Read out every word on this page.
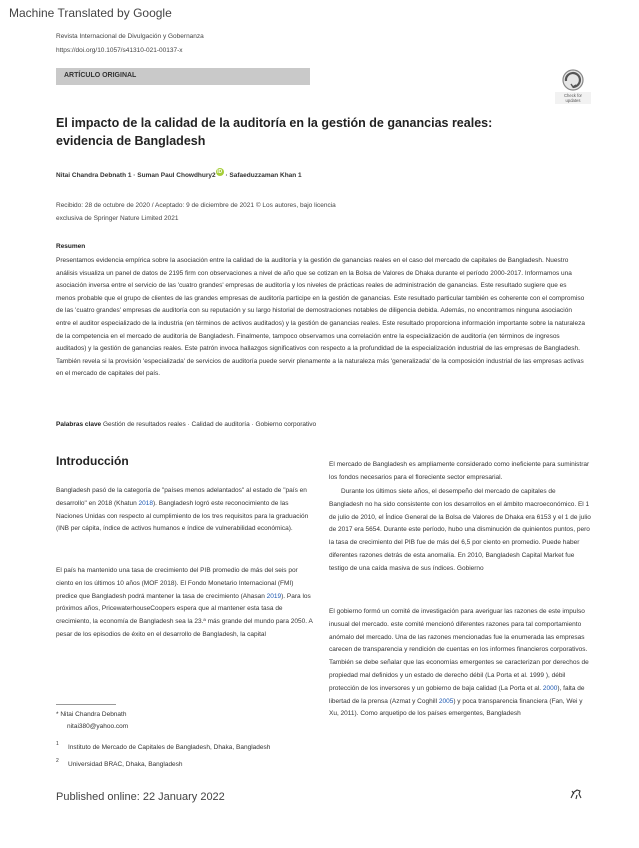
Machine Translated by Google
Revista Internacional de Divulgación y Gobernanza
https://doi.org/10.1057/s41310-021-00137-x
ARTÍCULO ORIGINAL
Check for
updates
El impacto de la calidad de la auditoría en la gestión de ganancias reales: evidencia de Bangladesh
Nitai Chandra Debnath 1 · Suman Paul Chowdhury2 iD · Safaeduzzaman Khan 1
Recibido: 28 de octubre de 2020 / Aceptado: 9 de diciembre de 2021 © Los autores, bajo licencia exclusiva de Springer Nature Limited 2021
Resumen
Presentamos evidencia empírica sobre la asociación entre la calidad de la auditoría y la gestión de ganancias reales en el caso del mercado de capitales de Bangladesh. Nuestro análisis visualiza un panel de datos de 2195 firm con observaciones a nivel de año que se cotizan en la Bolsa de Valores de Dhaka durante el período 2000-2017. Informamos una asociación inversa entre el servicio de las 'cuatro grandes' empresas de auditoría y los niveles de prácticas reales de administración de ganancias. Este resultado sugiere que es menos probable que el grupo de clientes de las grandes empresas de auditoría participe en la gestión de ganancias. Este resultado particular también es coherente con el compromiso de las 'cuatro grandes' empresas de auditoría con su reputación y su largo historial de demostraciones notables de diligencia debida. Además, no encontramos ninguna asociación entre el auditor especializado de la industria (en términos de activos auditados) y la gestión de ganancias reales. Este resultado proporciona información importante sobre la naturaleza de la competencia en el mercado de auditoría de Bangladesh. Finalmente, tampoco observamos una correlación entre la especialización de auditoría (en términos de ingresos auditados) y la gestión de ganancias reales. Este patrón invoca hallazgos significativos con respecto a la profundidad de la especialización industrial de las empresas de Bangladesh. También revela si la provisión 'especializada' de servicios de auditoría puede servir plenamente a la naturaleza más 'generalizada' de la composición industrial de las empresas activas en el mercado de capitales del país.
Palabras clave Gestión de resultados reales · Calidad de auditoría · Gobierno corporativo
Introducción
Bangladesh pasó de la categoría de "países menos adelantados" al estado de "país en desarrollo" en 2018 (Khatun 2018). Bangladesh logró este reconocimiento de las Naciones Unidas con respecto al cumplimiento de los tres requisitos para la graduación (INB per cápita, índice de activos humanos e índice de vulnerabilidad económica).
El país ha mantenido una tasa de crecimiento del PIB promedio de más del seis por ciento en los últimos 10 años (MOF 2018). El Fondo Monetario Internacional (FMI) predice que Bangladesh podrá mantener la tasa de crecimiento (Ahasan 2019). Para los próximos años, PricewaterhouseCoopers espera que al mantener esta tasa de crecimiento, la economía de Bangladesh sea la 23.ª más grande del mundo para 2050. A pesar de los episodios de éxito en el desarrollo de Bangladesh, la capital
El mercado de Bangladesh es ampliamente considerado como ineficiente para suministrar los fondos necesarios para el floreciente sector empresarial.
Durante los últimos siete años, el desempeño del mercado de capitales de Bangladesh no ha sido consistente con los desarrollos en el ámbito macroeconómico. El 1 de julio de 2010, el Índice General de la Bolsa de Valores de Dhaka era 6153 y el 1 de julio de 2017 era 5654. Durante este período, hubo una disminución de quinientos puntos, pero la tasa de crecimiento del PIB fue de más del 6,5 por ciento en promedio. Puede haber diferentes razones detrás de esta anomalía. En 2010, Bangladesh Capital Market fue testigo de una caída masiva de sus índices. Gobierno
El gobierno formó un comité de investigación para averiguar las razones de este impulso inusual del mercado. este comité mencionó diferentes razones para tal comportamiento anómalo del mercado. Una de las razones mencionadas fue la enumerada las empresas carecen de transparencia y rendición de cuentas en los informes financieros corporativos. También se debe señalar que las economías emergentes se caracterizan por derechos de propiedad mal definidos y un estado de derecho débil (La Porta et al. 1999 ), débil protección de los inversores y un gobierno de baja calidad (La Porta et al. 2000), falta de libertad de la prensa (Azmat y Coghill 2005) y poca transparencia financiera (Fan, Wei y Xu, 2011). Como arquetipo de los países emergentes, Bangladesh
* Nitai Chandra Debnath
nitai380@yahoo.com
1 Instituto de Mercado de Capitales de Bangladesh, Dhaka, Bangladesh
2 Universidad BRAC, Dhaka, Bangladesh
Published online: 22 January 2022
